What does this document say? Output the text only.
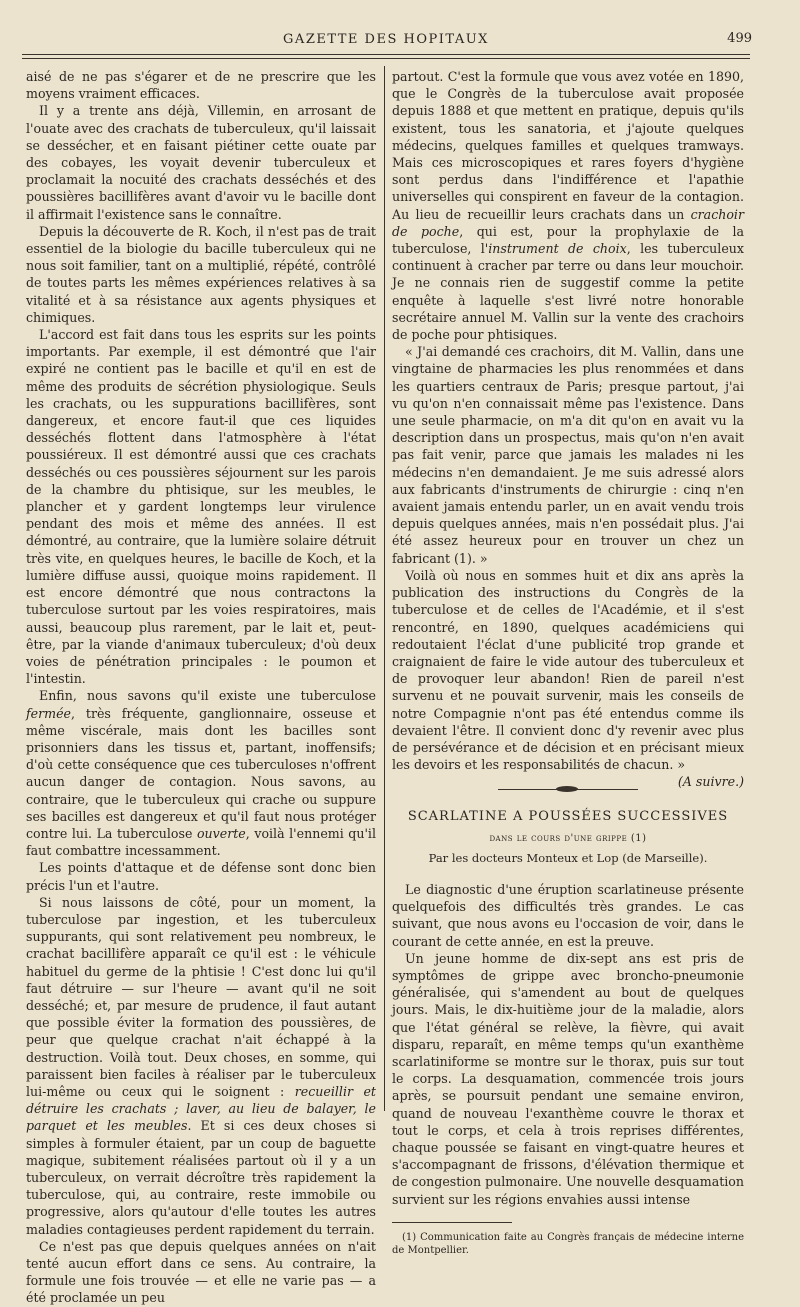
GAZETTE DES HOPITAUX	499

aisé de ne pas s'égarer et de ne prescrire que les moyens vraiment efficaces.

Il y a trente ans déjà, Villemin, en arrosant de l'ouate avec des crachats de tuberculeux, qu'il laissait se dessécher, et en faisant piétiner cette ouate par des cobayes, les voyait devenir tuberculeux et proclamait la nocuité des crachats desséchés et des poussières bacillifères avant d'avoir vu le bacille dont il affirmait l'existence sans le connaître.

Depuis la découverte de R. Koch, il n'est pas de trait essentiel de la biologie du bacille tuberculeux qui ne nous soit familier, tant on a multiplié, répété, contrôlé de toutes parts les mêmes expériences relatives à sa vitalité et à sa résistance aux agents physiques et chimiques.

L'accord est fait dans tous les esprits sur les points importants. Par exemple, il est démontré que l'air expiré ne contient pas le bacille et qu'il en est de même des produits de sécrétion physiologique. Seuls les crachats, ou les suppurations bacillifères, sont dangereux, et encore faut-il que ces liquides desséchés flottent dans l'atmosphère à l'état poussiéreux. Il est démontré aussi que ces crachats desséchés ou ces poussières séjournent sur les parois de la chambre du phtisique, sur les meubles, le plancher et y gardent longtemps leur virulence pendant des mois et même des années. Il est démontré, au contraire, que la lumière solaire détruit très vite, en quelques heures, le bacille de Koch, et la lumière diffuse aussi, quoique moins rapidement. Il est encore démontré que nous contractons la tuberculose surtout par les voies respiratoires, mais aussi, beaucoup plus rarement, par le lait et, peut-être, par la viande d'animaux tuberculeux; d'où deux voies de pénétration principales : le poumon et l'intestin.

Enfin, nous savons qu'il existe une tuberculose fermée, très fréquente, ganglionnaire, osseuse et même viscérale, mais dont les bacilles sont prisonniers dans les tissus et, partant, inoffensifs; d'où cette conséquence que ces tuberculoses n'offrent aucun danger de contagion. Nous savons, au contraire, que le tuberculeux qui crache ou suppure ses bacilles est dangereux et qu'il faut nous protéger contre lui. La tuberculose ouverte, voilà l'ennemi qu'il faut combattre incessamment.

Les points d'attaque et de défense sont donc bien précis l'un et l'autre.

Si nous laissons de côté, pour un moment, la tuberculose par ingestion, et les tuberculeux suppurants, qui sont relativement peu nombreux, le crachat bacillifère apparaît ce qu'il est : le véhicule habituel du germe de la phtisie ! C'est donc lui qu'il faut détruire — sur l'heure — avant qu'il ne soit desséché; et, par mesure de prudence, il faut autant que possible éviter la formation des poussières, de peur que quelque crachat n'ait échappé à la destruction. Voilà tout. Deux choses, en somme, qui paraissent bien faciles à réaliser par le tuberculeux lui-même ou ceux qui le soignent : recueillir et détruire les crachats ; laver, au lieu de balayer, le parquet et les meubles. Et si ces deux choses si simples à formuler étaient, par un coup de baguette magique, subitement réalisées partout où il y a un tuberculeux, on verrait décroître très rapidement la tuberculose, qui, au contraire, reste immobile ou progressive, alors qu'autour d'elle toutes les autres maladies contagieuses perdent rapidement du terrain.

Ce n'est pas que depuis quelques années on n'ait tenté aucun effort dans ce sens. Au contraire, la formule une fois trouvée — et elle ne varie pas — a été proclamée un peu

partout. C'est la formule que vous avez votée en 1890, que le Congrès de la tuberculose avait proposée depuis 1888 et que mettent en pratique, depuis qu'ils existent, tous les sanatoria, et j'ajoute quelques médecins, quelques familles et quelques tramways. Mais ces microscopiques et rares foyers d'hygiène sont perdus dans l'indifférence et l'apathie universelles qui conspirent en faveur de la contagion. Au lieu de recueillir leurs crachats dans un crachoir de poche, qui est, pour la prophylaxie de la tuberculose, l'instrument de choix, les tuberculeux continuent à cracher par terre ou dans leur mouchoir. Je ne connais rien de suggestif comme la petite enquête à laquelle s'est livré notre honorable secrétaire annuel M. Vallin sur la vente des crachoirs de poche pour phtisiques.

« J'ai demandé ces crachoirs, dit M. Vallin, dans une vingtaine de pharmacies les plus renommées et dans les quartiers centraux de Paris; presque partout, j'ai vu qu'on n'en connaissait même pas l'existence. Dans une seule pharmacie, on m'a dit qu'on en avait vu la description dans un prospectus, mais qu'on n'en avait pas fait venir, parce que jamais les malades ni les médecins n'en demandaient. Je me suis adressé alors aux fabricants d'instruments de chirurgie : cinq n'en avaient jamais entendu parler, un en avait vendu trois depuis quelques années, mais n'en possédait plus. J'ai été assez heureux pour en trouver un chez un fabricant (1). »

Voilà où nous en sommes huit et dix ans après la publication des instructions du Congrès de la tuberculose et de celles de l'Académie, et il s'est rencontré, en 1890, quelques académiciens qui redoutaient l'éclat d'une publicité trop grande et craignaient de faire le vide autour des tuberculeux et de provoquer leur abandon! Rien de pareil n'est survenu et ne pouvait survenir, mais les conseils de notre Compagnie n'ont pas été entendus comme ils devaient l'être. Il convient donc d'y revenir avec plus de persévérance et de décision et en précisant mieux les devoirs et les responsabilités de chacun. »
(A suivre.)

SCARLATINE A POUSSÉES SUCCESSIVES
dans le cours d'une grippe (1)
Par les docteurs Monteux et Lop (de Marseille).

Le diagnostic d'une éruption scarlatineuse présente quelquefois des difficultés très grandes. Le cas suivant, que nous avons eu l'occasion de voir, dans le courant de cette année, en est la preuve.

Un jeune homme de dix-sept ans est pris de symptômes de grippe avec broncho-pneumonie généralisée, qui s'amendent au bout de quelques jours. Mais, le dix-huitième jour de la maladie, alors que l'état général se relève, la fièvre, qui avait disparu, reparaît, en même temps qu'un exanthème scarlatiniforme se montre sur le thorax, puis sur tout le corps. La desquamation, commencée trois jours après, se poursuit pendant une semaine environ, quand de nouveau l'exanthème couvre le thorax et tout le corps, et cela à trois reprises différentes, chaque poussée se faisant en vingt-quatre heures et s'accompagnant de frissons, d'élévation thermique et de congestion pulmonaire. Une nouvelle desquamation survient sur les régions envahies aussi intense

(1) Communication faite au Congrès français de médecine interne de Montpellier.
